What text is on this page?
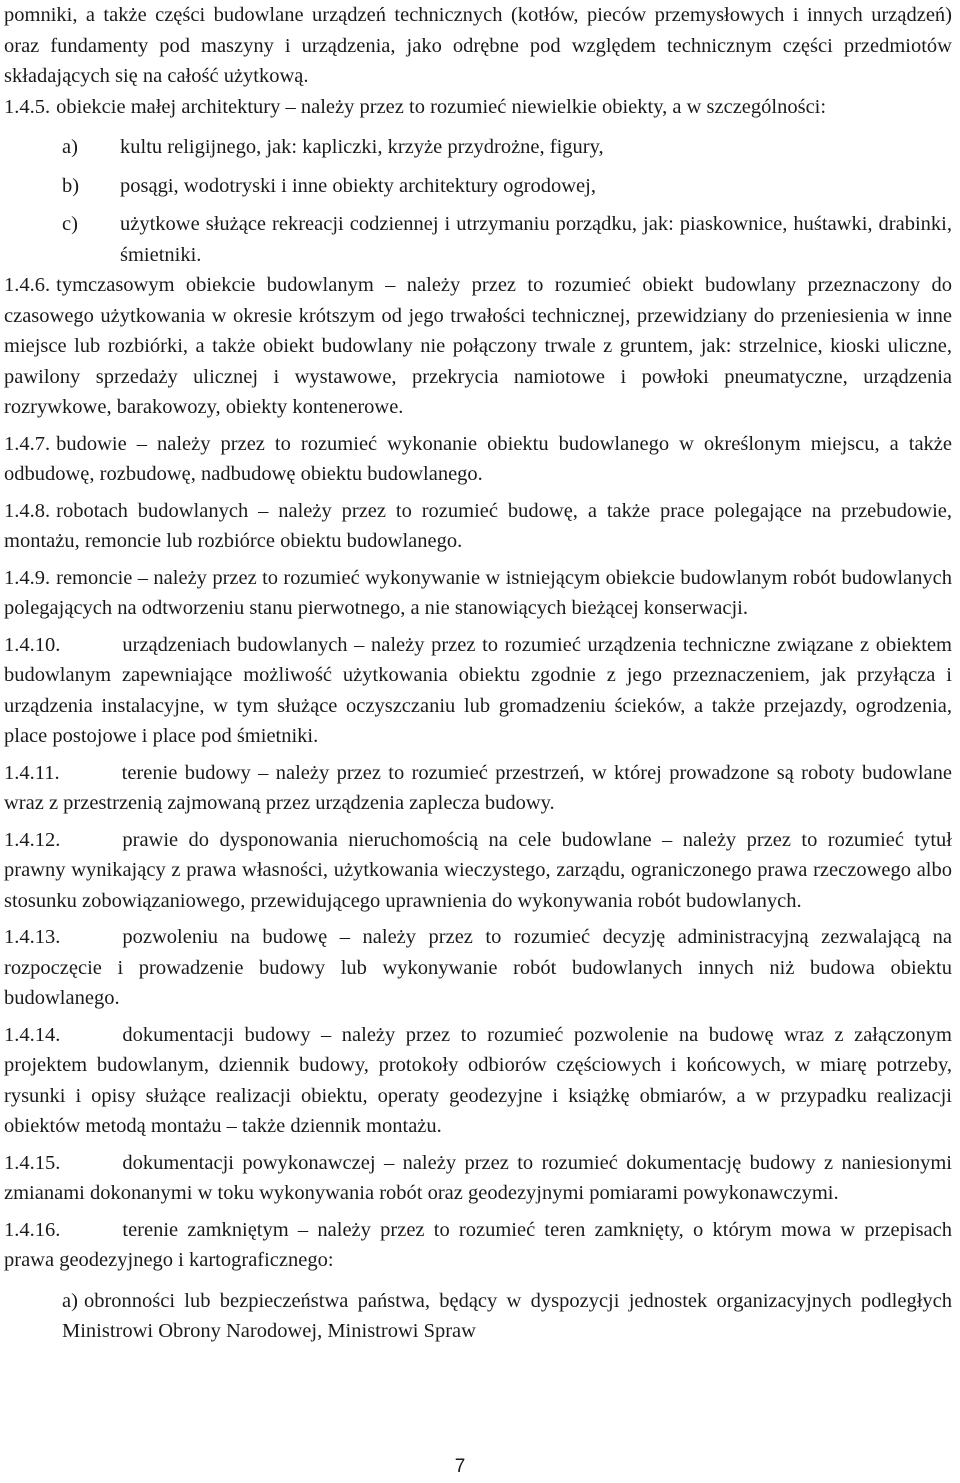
pomniki, a także części budowlane urządzeń technicznych (kotłów, pieców przemysłowych i innych urządzeń) oraz fundamenty pod maszyny i urządzenia, jako odrębne pod względem technicznym części przedmiotów składających się na całość użytkową.

1.4.5. obiekcie małej architektury – należy przez to rozumieć niewielkie obiekty, a w szczególności:

a) kultu religijnego, jak: kapliczki, krzyże przydrożne, figury,

b) posągi, wodotryski i inne obiekty architektury ogrodowej,

c) użytkowe służące rekreacji codziennej i utrzymaniu porządku, jak: piaskownice, huśtawki, drabinki, śmietniki.

1.4.6. tymczasowym obiekcie budowlanym – należy przez to rozumieć obiekt budowlany przeznaczony do czasowego użytkowania w okresie krótszym od jego trwałości technicznej, przewidziany do przeniesienia w inne miejsce lub rozbiórki, a także obiekt budowlany nie połączony trwale z gruntem, jak: strzelnice, kioski uliczne, pawilony sprzedaży ulicznej i wystawowe, przekrycia namiotowe i powłoki pneumatyczne, urządzenia rozrywkowe, barakowozy, obiekty kontenerowe.

1.4.7. budowie – należy przez to rozumieć wykonanie obiektu budowlanego w określonym miejscu, a także odbudowę, rozbudowę, nadbudowę obiektu budowlanego.

1.4.8. robotach budowlanych – należy przez to rozumieć budowę, a także prace polegające na przebudowie, montażu, remoncie lub rozbiórce obiektu budowlanego.

1.4.9. remoncie – należy przez to rozumieć wykonywanie w istniejącym obiekcie budowlanym robót budowlanych polegających na odtworzeniu stanu pierwotnego, a nie stanowiących bieżącej konserwacji.

1.4.10.	urządzeniach budowlanych – należy przez to rozumieć urządzenia techniczne związane z obiektem budowlanym zapewniające możliwość użytkowania obiektu zgodnie z jego przeznaczeniem, jak przyłącza i urządzenia instalacyjne, w tym służące oczyszczaniu lub gromadzeniu ścieków, a także przejazdy, ogrodzenia, place postojowe i place pod śmietniki.

1.4.11.	terenie budowy – należy przez to rozumieć przestrzeń, w której prowadzone są roboty budowlane wraz z przestrzenią zajmowaną przez urządzenia zaplecza budowy.

1.4.12.	prawie do dysponowania nieruchomością na cele budowlane – należy przez to rozumieć tytuł prawny wynikający z prawa własności, użytkowania wieczystego, zarządu, ograniczonego prawa rzeczowego albo stosunku zobowiązaniowego, przewidującego uprawnienia do wykonywania robót budowlanych.

1.4.13.	pozwoleniu na budowę – należy przez to rozumieć decyzję administracyjną zezwalającą na rozpoczęcie i prowadzenie budowy lub wykonywanie robót budowlanych innych niż budowa obiektu budowlanego.

1.4.14.	dokumentacji budowy – należy przez to rozumieć pozwolenie na budowę wraz z załączonym projektem budowlanym, dziennik budowy, protokoły odbiorów częściowych i końcowych, w miarę potrzeby, rysunki i opisy służące realizacji obiektu, operaty geodezyjne i książkę obmiarów, a w przypadku realizacji obiektów metodą montażu – także dziennik montażu.

1.4.15.	dokumentacji powykonawczej – należy przez to rozumieć dokumentację budowy z naniesionymi zmianami dokonanymi w toku wykonywania robót oraz geodezyjnymi pomiarami powykonawczymi.

1.4.16.	terenie zamkniętym – należy przez to rozumieć teren zamknięty, o którym mowa w przepisach prawa geodezyjnego i kartograficznego:

a) obronności lub bezpieczeństwa państwa, będący w dyspozycji jednostek organizacyjnych podległych Ministrowi Obrony Narodowej, Ministrowi Spraw

7
